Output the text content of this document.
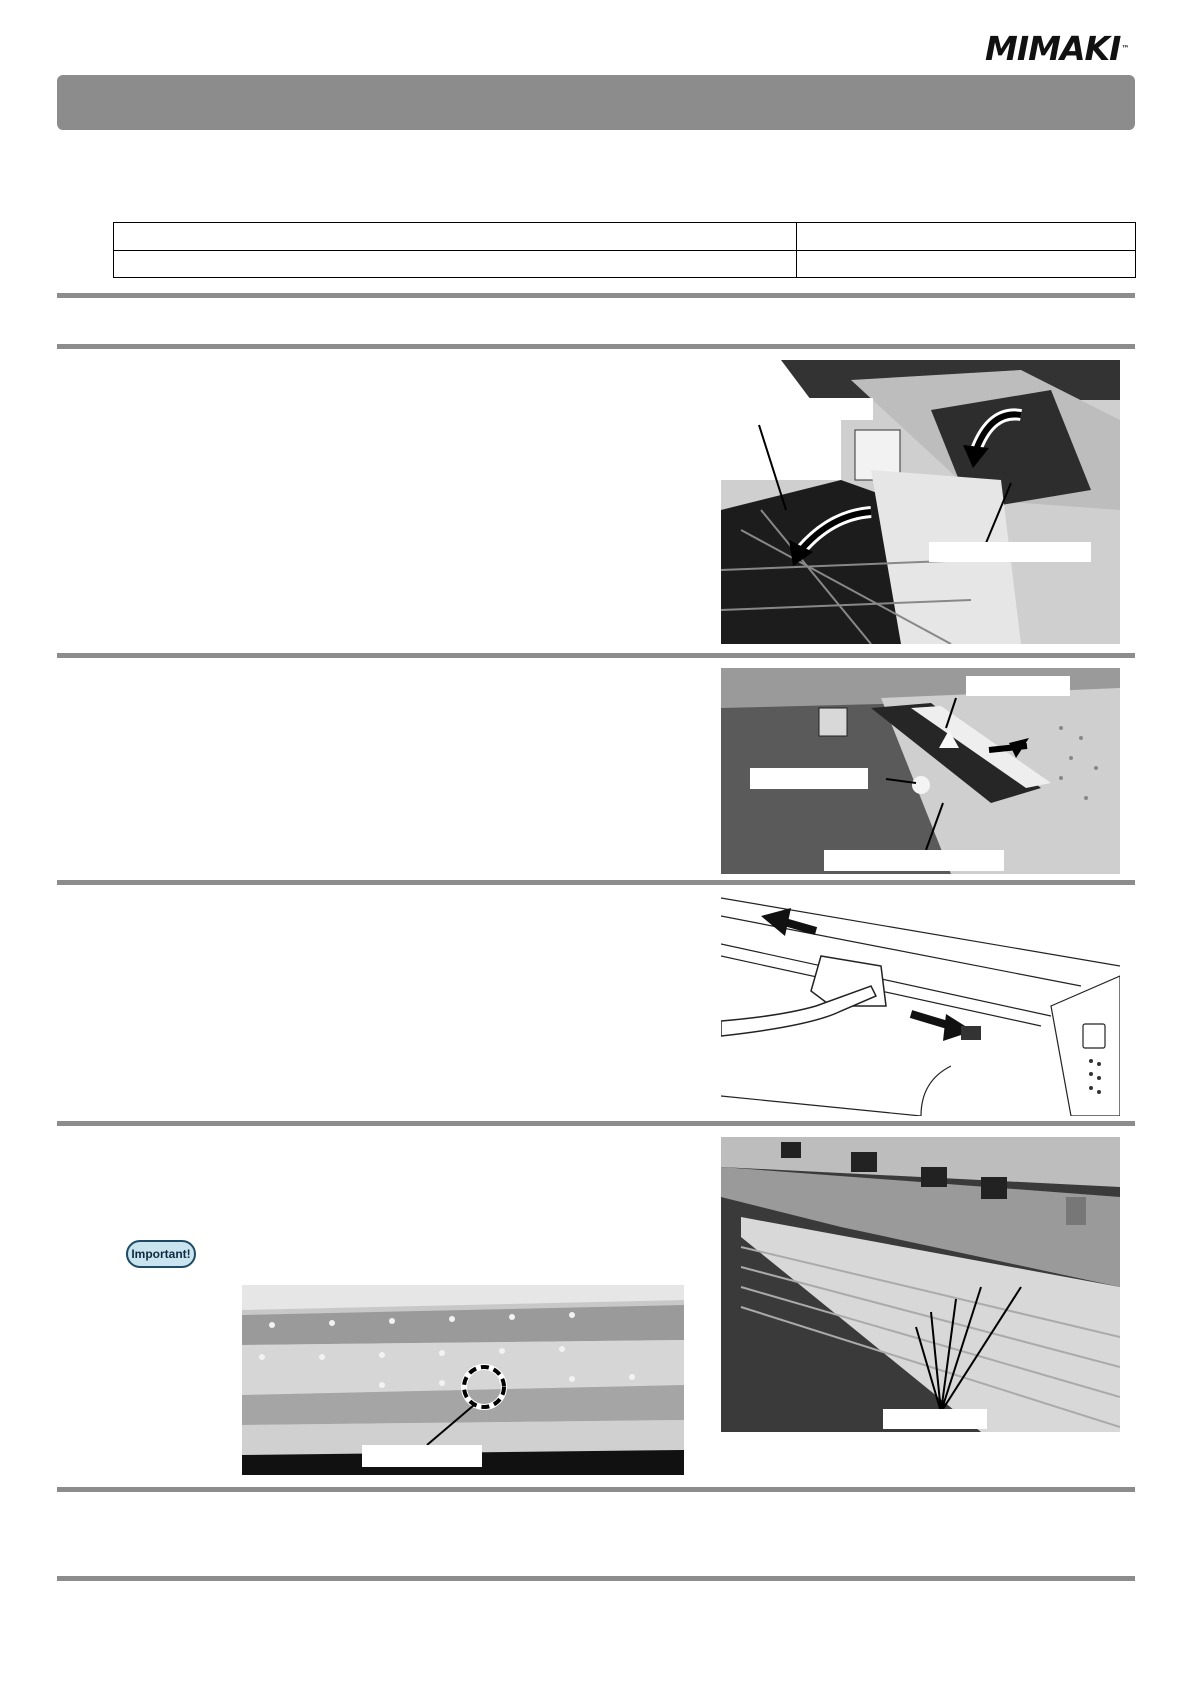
MIMAKI™

Important!
